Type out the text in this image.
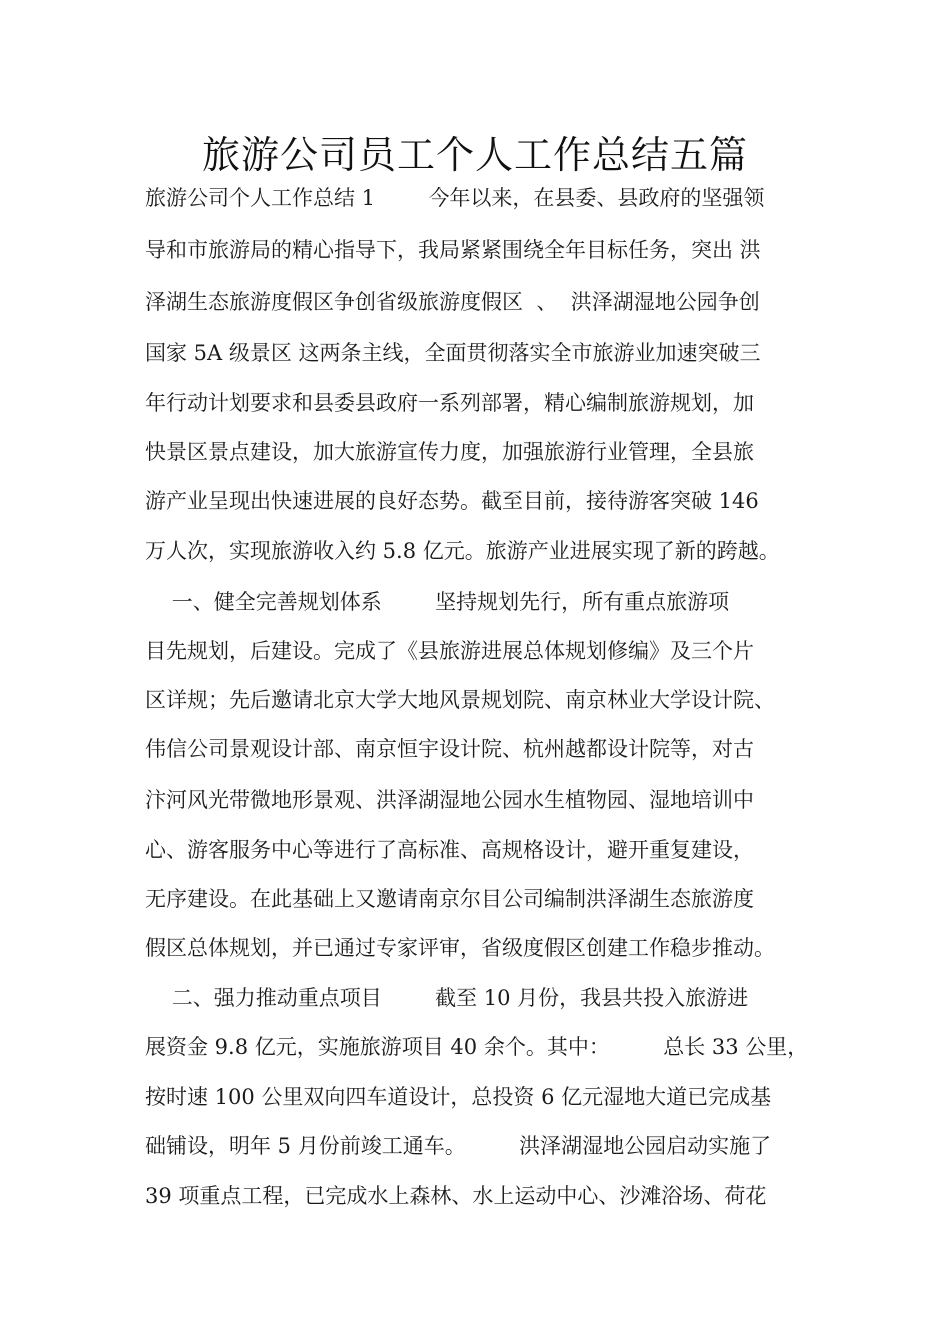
旅游公司员工个人工作总结五篇
旅游公司个人工作总结 1        今年以来，在县委、县政府的坚强领
导和市旅游局的精心指导下，我局紧紧围绕全年目标任务，突出 洪
泽湖生态旅游度假区争创省级旅游度假区  、  洪泽湖湿地公园争创
国家 5A 级景区 这两条主线，全面贯彻落实全市旅游业加速突破三
年行动计划要求和县委县政府一系列部署，精心编制旅游规划，加
快景区景点建设，加大旅游宣传力度，加强旅游行业管理，全县旅
游产业呈现出快速进展的良好态势。截至目前，接待游客突破 146
万人次，实现旅游收入约 5.8 亿元。旅游产业进展实现了新的跨越。
一、健全完善规划体系        坚持规划先行，所有重点旅游项
目先规划，后建设。完成了《县旅游进展总体规划修编》及三个片
区详规；先后邀请北京大学大地风景规划院、南京林业大学设计院、
伟信公司景观设计部、南京恒宇设计院、杭州越都设计院等，对古
汴河风光带微地形景观、洪泽湖湿地公园水生植物园、湿地培训中
心、游客服务中心等进行了高标准、高规格设计，避开重复建设，
无序建设。在此基础上又邀请南京尔目公司编制洪泽湖生态旅游度
假区总体规划，并已通过专家评审，省级度假区创建工作稳步推动。
二、强力推动重点项目        截至 10 月份，我县共投入旅游进
展资金 9.8 亿元，实施旅游项目 40 余个。其中：        总长 33 公里，
按时速 100 公里双向四车道设计，总投资 6 亿元湿地大道已完成基
础铺设，明年 5 月份前竣工通车。        洪泽湖湿地公园启动实施了
39 项重点工程，已完成水上森林、水上运动中心、沙滩浴场、荷花
